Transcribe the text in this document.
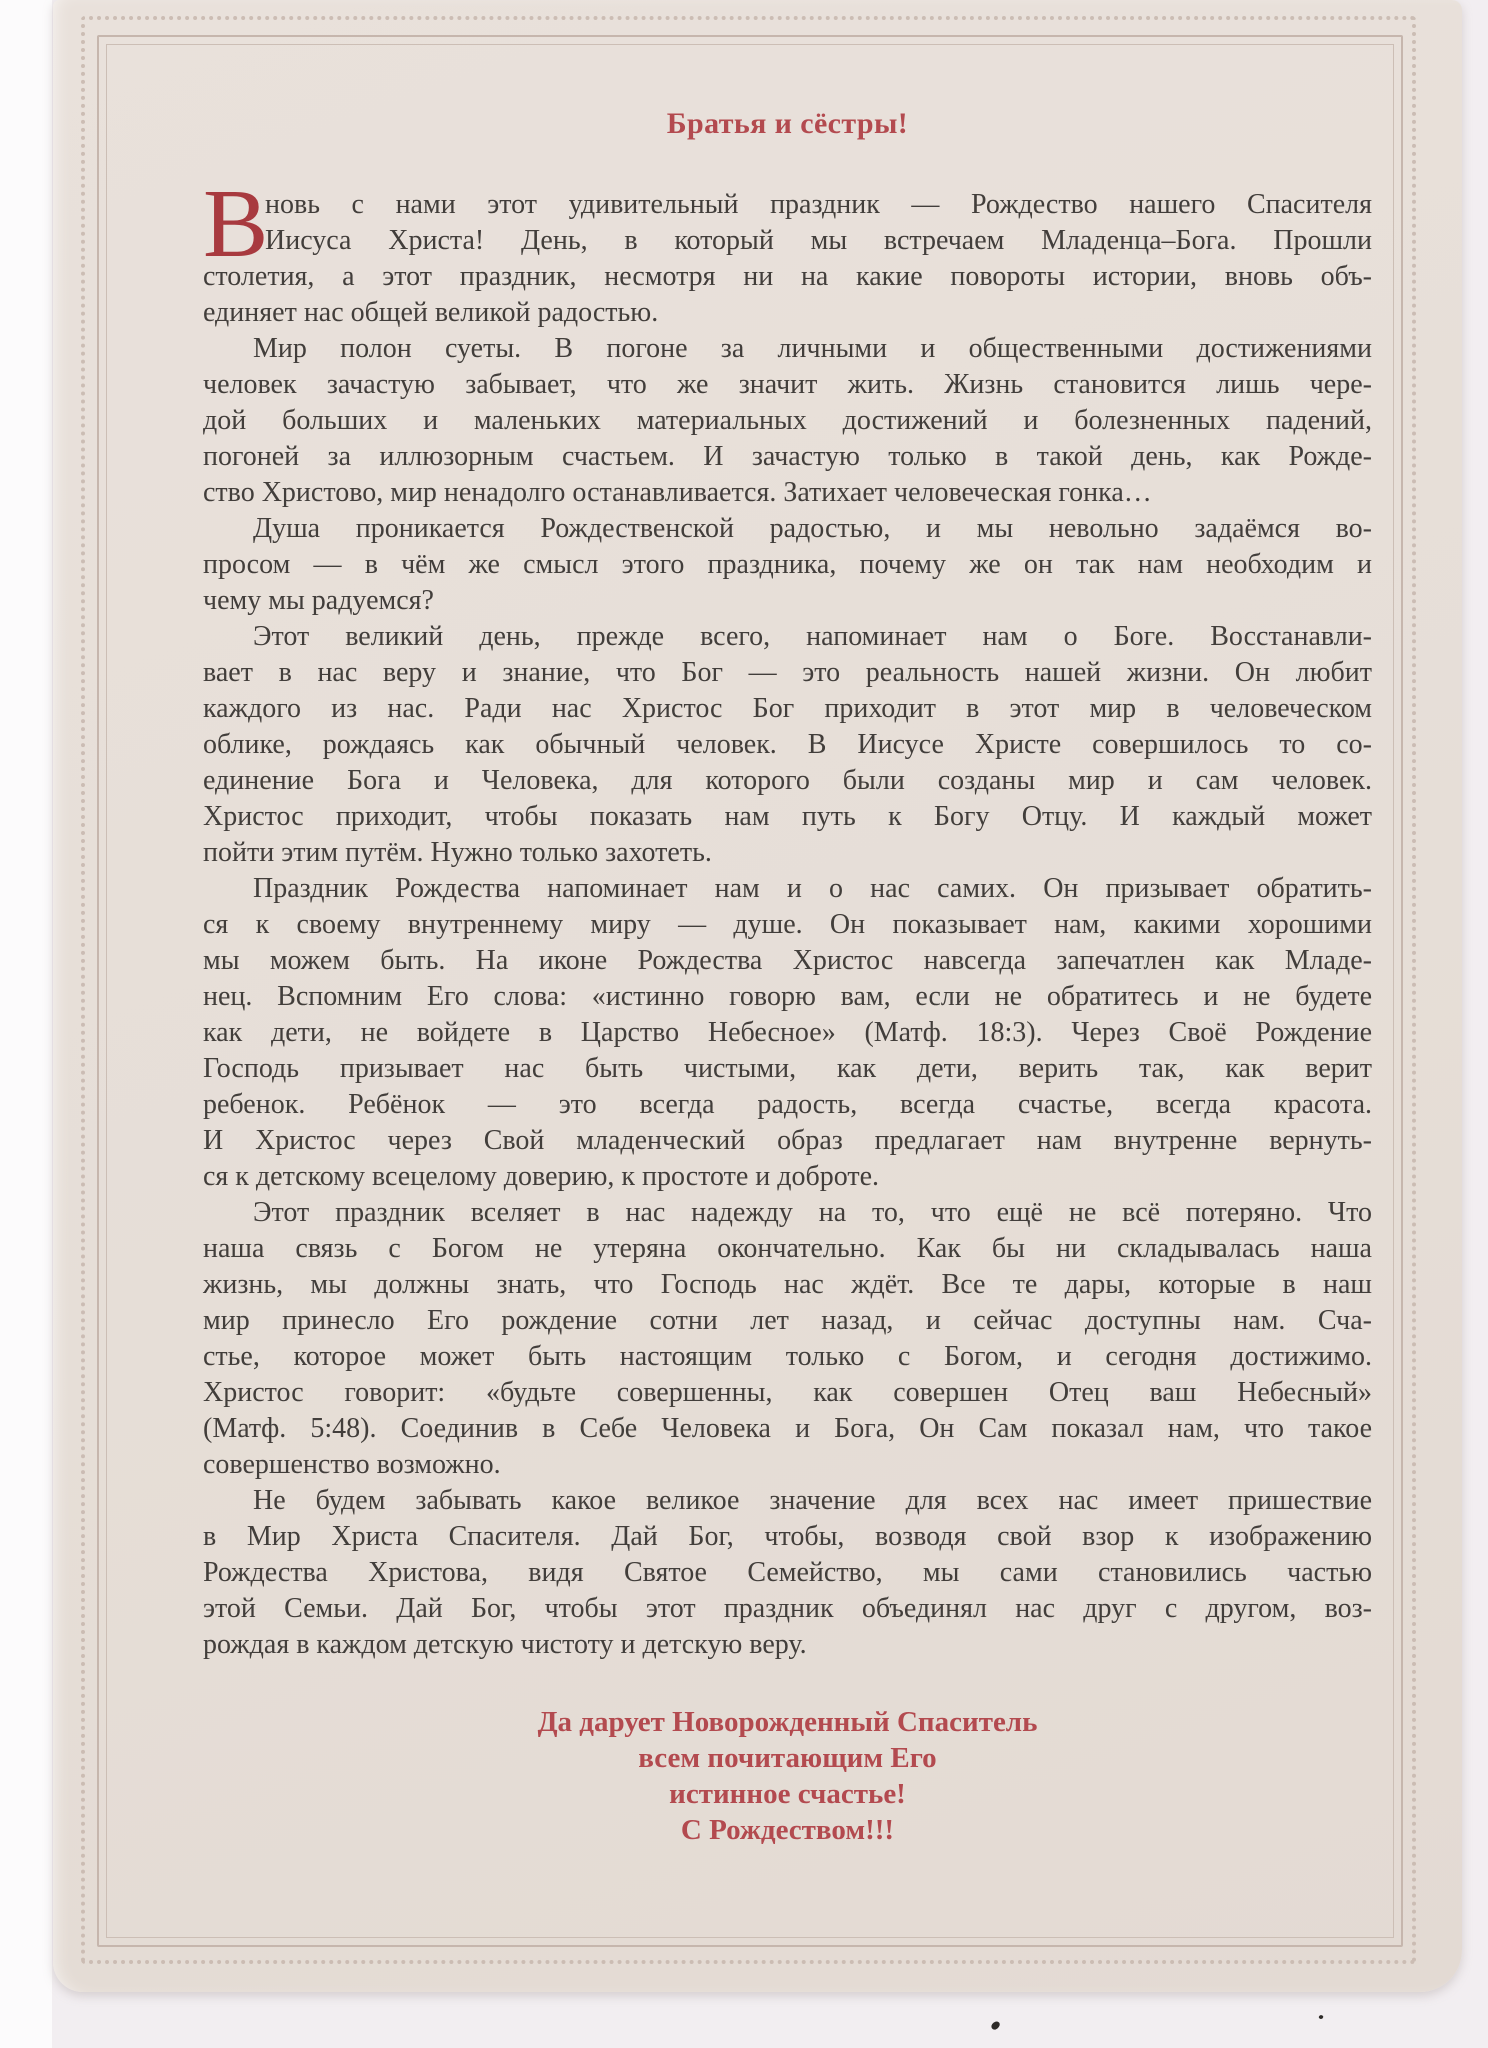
Братья и сёстры!
В
новь с нами этот удивительный праздник — Рождество нашего Спасителя
Иисуса Христа! День, в который мы встречаем Младенца–Бога. Прошли
столетия, а этот праздник, несмотря ни на какие повороты истории, вновь объ-
единяет нас общей великой радостью.
Мир полон суеты. В погоне за личными и общественными достижениями
человек зачастую забывает, что же значит жить. Жизнь становится лишь чере-
дой больших и маленьких материальных достижений и болезненных падений,
погоней за иллюзорным счастьем. И зачастую только в такой день, как Рожде-
ство Христово, мир ненадолго останавливается. Затихает человеческая гонка…
Душа проникается Рождественской радостью, и мы невольно задаёмся во-
просом — в чём же смысл этого праздника, почему же он так нам необходим и
чему мы радуемся?
Этот великий день, прежде всего, напоминает нам о Боге. Восстанавли-
вает в нас веру и знание, что Бог — это реальность нашей жизни. Он любит
каждого из нас. Ради нас Христос Бог приходит в этот мир в человеческом
облике, рождаясь как обычный человек. В Иисусе Христе совершилось то со-
единение Бога и Человека, для которого были созданы мир и сам человек.
Христос приходит, чтобы показать нам путь к Богу Отцу. И каждый может
пойти этим путём. Нужно только захотеть.
Праздник Рождества напоминает нам и о нас самих. Он призывает обратить-
ся к своему внутреннему миру — душе. Он показывает нам, какими хорошими
мы можем быть. На иконе Рождества Христос навсегда запечатлен как Младе-
нец. Вспомним Его слова: «истинно говорю вам, если не обратитесь и не будете
как дети, не войдете в Царство Небесное» (Матф. 18:3). Через Своё Рождение
Господь призывает нас быть чистыми, как дети, верить так, как верит
ребенок. Ребёнок — это всегда радость, всегда счастье, всегда красота.
И Христос через Свой младенческий образ предлагает нам внутренне вернуть-
ся к детскому всецелому доверию, к простоте и доброте.
Этот праздник вселяет в нас надежду на то, что ещё не всё потеряно. Что
наша связь с Богом не утеряна окончательно. Как бы ни складывалась наша
жизнь, мы должны знать, что Господь нас ждёт. Все те дары, которые в наш
мир принесло Его рождение сотни лет назад, и сейчас доступны нам. Сча-
стье, которое может быть настоящим только с Богом, и сегодня достижимо.
Христос говорит: «будьте совершенны, как совершен Отец ваш Небесный»
(Матф. 5:48). Соединив в Себе Человека и Бога, Он Сам показал нам, что такое
совершенство возможно.
Не будем забывать какое великое значение для всех нас имеет пришествие
в Мир Христа Спасителя. Дай Бог, чтобы, возводя свой взор к изображению
Рождества Христова, видя Святое Семейство, мы сами становились частью
этой Семьи. Дай Бог, чтобы этот праздник объединял нас друг с другом, воз-
рождая в каждом детскую чистоту и детскую веру.
Да дарует Новорожденный Спаситель
всем почитающим Его
истинное счастье!
С Рождеством!!!
